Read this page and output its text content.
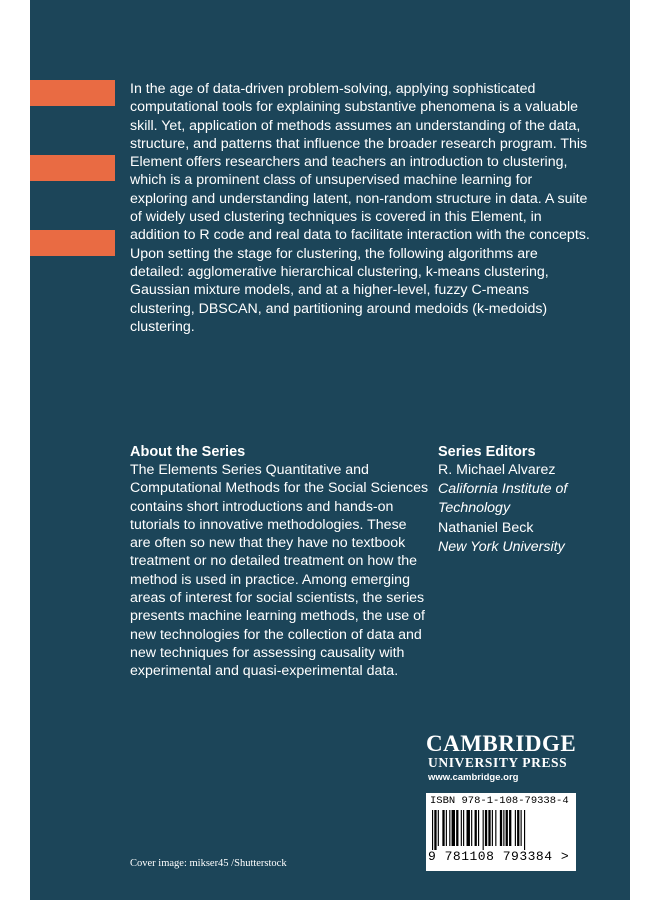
In the age of data-driven problem-solving, applying sophisticated computational tools for explaining substantive phenomena is a valuable skill. Yet, application of methods assumes an understanding of the data, structure, and patterns that influence the broader research program. This Element offers researchers and teachers an introduction to clustering, which is a prominent class of unsupervised machine learning for exploring and understanding latent, non-random structure in data. A suite of widely used clustering techniques is covered in this Element, in addition to R code and real data to facilitate interaction with the concepts. Upon setting the stage for clustering, the following algorithms are detailed: agglomerative hierarchical clustering, k-means clustering, Gaussian mixture models, and at a higher-level, fuzzy C-means clustering, DBSCAN, and partitioning around medoids (k-medoids) clustering.

About the Series

The Elements Series Quantitative and Computational Methods for the Social Sciences contains short introductions and hands-on tutorials to innovative methodologies. These are often so new that they have no textbook treatment or no detailed treatment on how the method is used in practice. Among emerging areas of interest for social scientists, the series presents machine learning methods, the use of new technologies for the collection of data and new techniques for assessing causality with experimental and quasi-experimental data.

Series Editors
R. Michael Alvarez
California Institute of Technology
Nathaniel Beck
New York University
CAMBRIDGE
UNIVERSITY PRESS
www.cambridge.org
ISBN 978-1-108-79338-4
9 781108 793384 >

Cover image: mikser45 /Shutterstock
